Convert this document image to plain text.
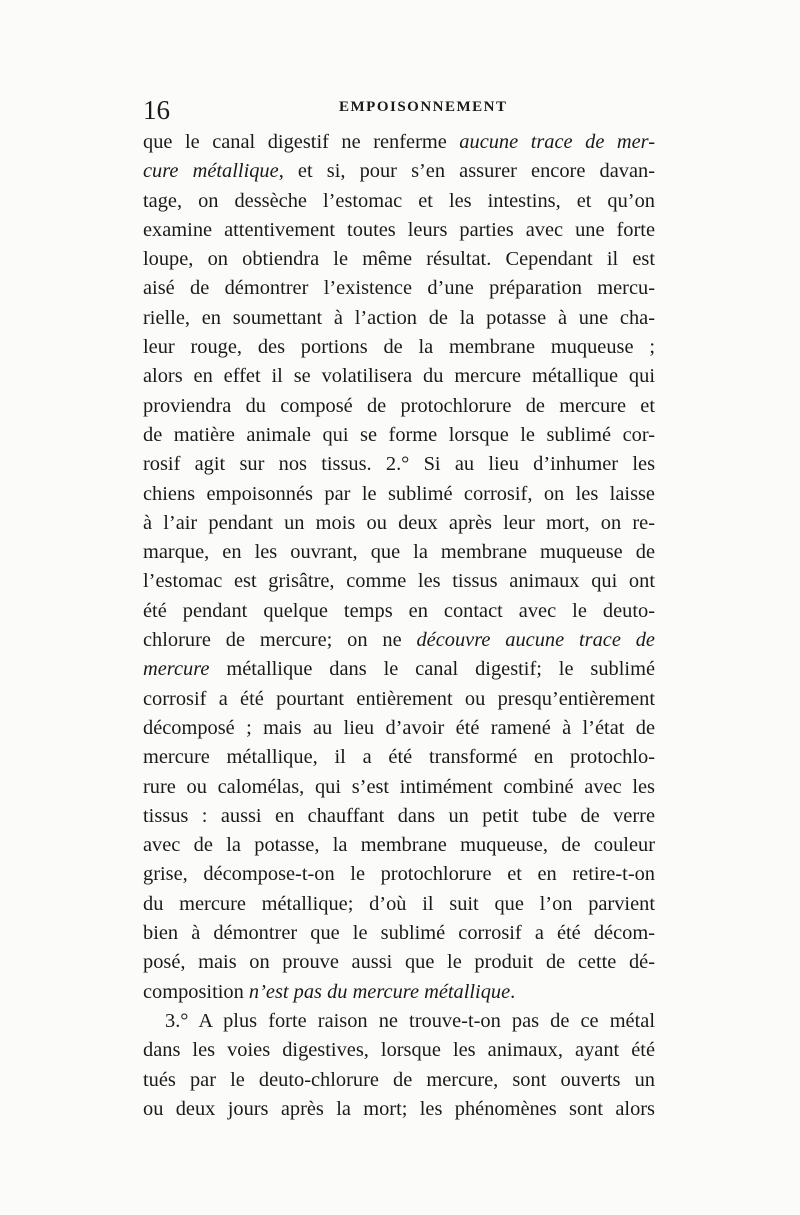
16	EMPOISONNEMENT
que le canal digestif ne renferme aucune trace de mer-
cure métallique, et si, pour s’en assurer encore davan-
tage, on dessèche l’estomac et les intestins, et qu’on
examine attentivement toutes leurs parties avec une forte
loupe, on obtiendra le même résultat. Cependant il est
aisé de démontrer l’existence d’une préparation mercu-
rielle, en soumettant à l’action de la potasse à une cha-
leur rouge, des portions de la membrane muqueuse ;
alors en effet il se volatilisera du mercure métallique qui
proviendra du composé de protochlorure de mercure et
de matière animale qui se forme lorsque le sublimé cor-
rosif agit sur nos tissus. 2.° Si au lieu d’inhumer les
chiens empoisonnés par le sublimé corrosif, on les laisse
à l’air pendant un mois ou deux après leur mort, on re-
marque, en les ouvrant, que la membrane muqueuse de
l’estomac est grisâtre, comme les tissus animaux qui ont
été pendant quelque temps en contact avec le deuto-
chlorure de mercure; on ne découvre aucune trace de
mercure métallique dans le canal digestif; le sublimé
corrosif a été pourtant entièrement ou presqu’entièrement
décomposé ; mais au lieu d’avoir été ramené à l’état de
mercure métallique, il a été transformé en protochlo-
rure ou calomélas, qui s’est intimément combiné avec les
tissus : aussi en chauffant dans un petit tube de verre
avec de la potasse, la membrane muqueuse, de couleur
grise, décompose-t-on le protochlorure et en retire-t-on
du mercure métallique; d’où il suit que l’on parvient
bien à démontrer que le sublimé corrosif a été décom-
posé, mais on prouve aussi que le produit de cette dé-
composition n’est pas du mercure métallique.
3.° A plus forte raison ne trouve-t-on pas de ce métal
dans les voies digestives, lorsque les animaux, ayant été
tués par le deuto-chlorure de mercure, sont ouverts un
ou deux jours après la mort; les phénomènes sont alors
